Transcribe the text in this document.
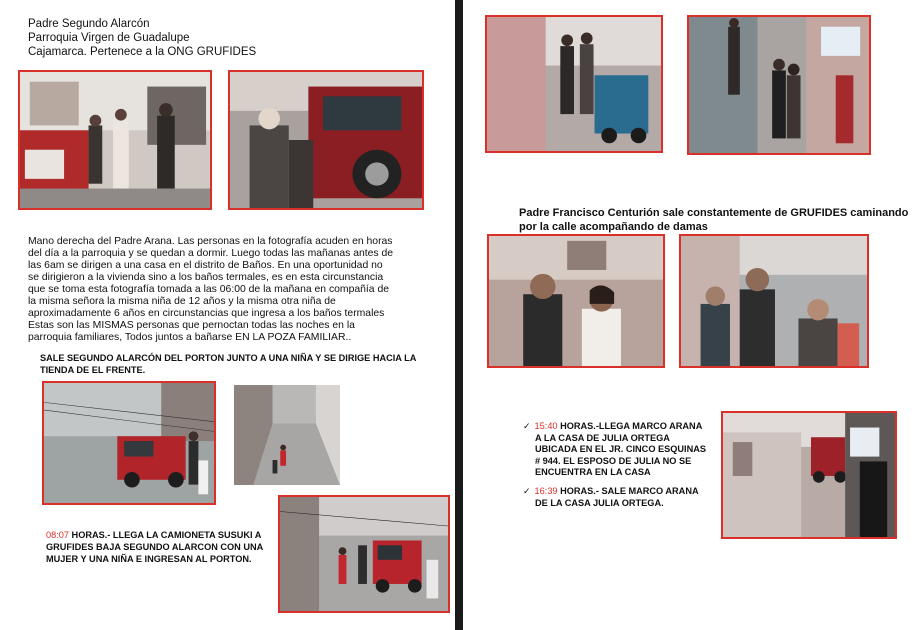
Padre Segundo Alarcón

Parroquia Virgen de Guadalupe

Cajamarca. Pertenece a la ONG GRUFIDES

Mano derecha del Padre Arana. Las personas en la fotografía acuden en horas

del día a la parroquia y se quedan a dormir. Luego todas las mañanas antes de

las 6am se dirigen a una casa en el distrito de Baños. En una oportunidad no

se dirigieron a la vivienda sino a los baños termales, es en esta circunstancia

que se toma esta fotografía tomada a las 06:00 de la mañana en compañía de

la misma señora la misma niña de 12 años y la misma otra niña de

aproximadamente 6 años en circunstancias que ingresa a los baños termales

Estas son las MISMAS personas que pernoctan todas las noches en la

parroquia familiares, Todos juntos a bañarse EN LA POZA FAMILIAR..

SALE SEGUNDO ALARCÓN DEL PORTON JUNTO A UNA NIÑA Y SE DIRIGE HACIA LA

TIENDA DE EL FRENTE.

08:07 HORAS.- LLEGA LA CAMIONETA SUSUKI A

GRUFIDES BAJA SEGUNDO ALARCON CON UNA

MUJER Y UNA NIÑA E INGRESAN AL PORTON.

Padre Francisco Centurión sale constantemente de GRUFIDES caminando

por la calle acompañando de damas

✓ 15:40 HORAS.-LLEGA MARCO ARANA
A LA CASA DE JULIA ORTEGA
UBICADA EN EL JR. CINCO ESQUINAS
# 944. EL ESPOSO DE JULIA NO SE
ENCUENTRA EN LA CASA
✓ 16:39 HORAS.- SALE MARCO ARANA
DE LA CASA JULIA ORTEGA.
